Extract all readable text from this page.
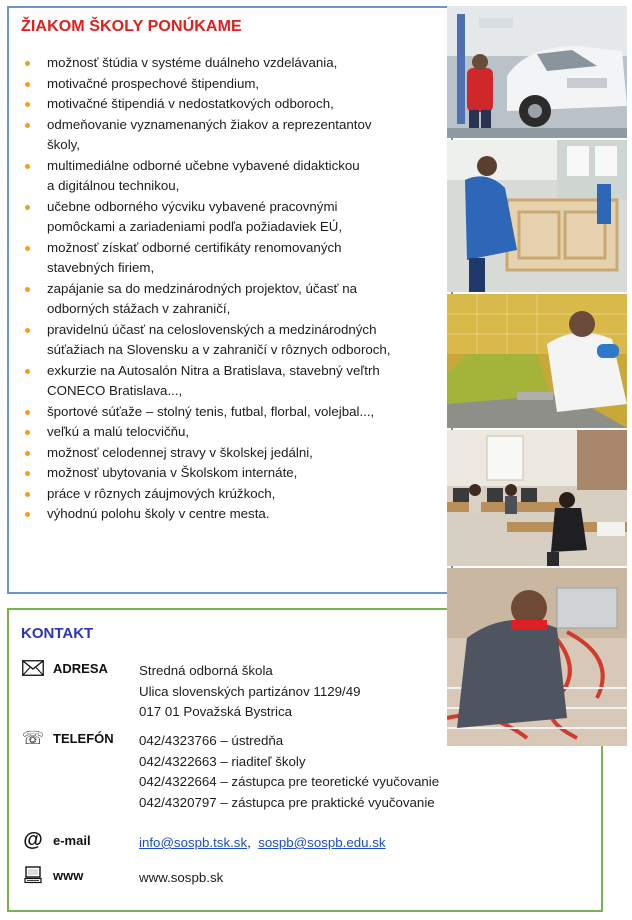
ŽIAKOM ŠKOLY PONÚKAME
možnosť štúdia v systéme duálneho vzdelávania,
motivačné prospechové štipendium,
motivačné štipendiá v nedostatkových odboroch,
odmeňovanie vyznamenaných žiakov a reprezentantov
školy,
multimediálne odborné učebne vybavené didaktickou
a digitálnou technikou,
učebne odborného výcviku vybavené pracovnými
pomôckami a zariadeniami podľa požiadaviek EÚ,
možnosť získať odborné certifikáty renomovaných
stavebných firiem,
zapájanie sa do medzinárodných projektov, účasť na
odborných stážach v zahraničí,
pravidelnú účasť na celoslovenských a medzinárodných
súťažiach na Slovensku a v zahraničí v rôznych odboroch,
exkurzie na Autosalón Nitra a Bratislava, stavebný veľtrh
CONECO Bratislava...,
športové súťaže – stolný tenis, futbal, florbal, volejbal...,
veľkú a malú telocvičňu,
možnosť celodennej stravy v školskej jedálni,
možnosť ubytovania v Školskom internáte,
práce v rôznych záujmových krúžkoch,
výhodnú polohu školy v centre mesta.
KONTAKT
ADRESA Stredná odborná škola
Ulica slovenských partizánov 1129/49
017 01 Považská Bystrica
☏ TELEFÓN 042/4323766 – ústredňa
042/4322663 – riaditeľ školy
042/4322664 – zástupca pre teoretické vyučovanie
042/4320797 – zástupca pre praktické vyučovanie
@ e-mail	info@sospb.tsk.sk, sospb@sospb.edu.sk
www	www.sospb.sk
